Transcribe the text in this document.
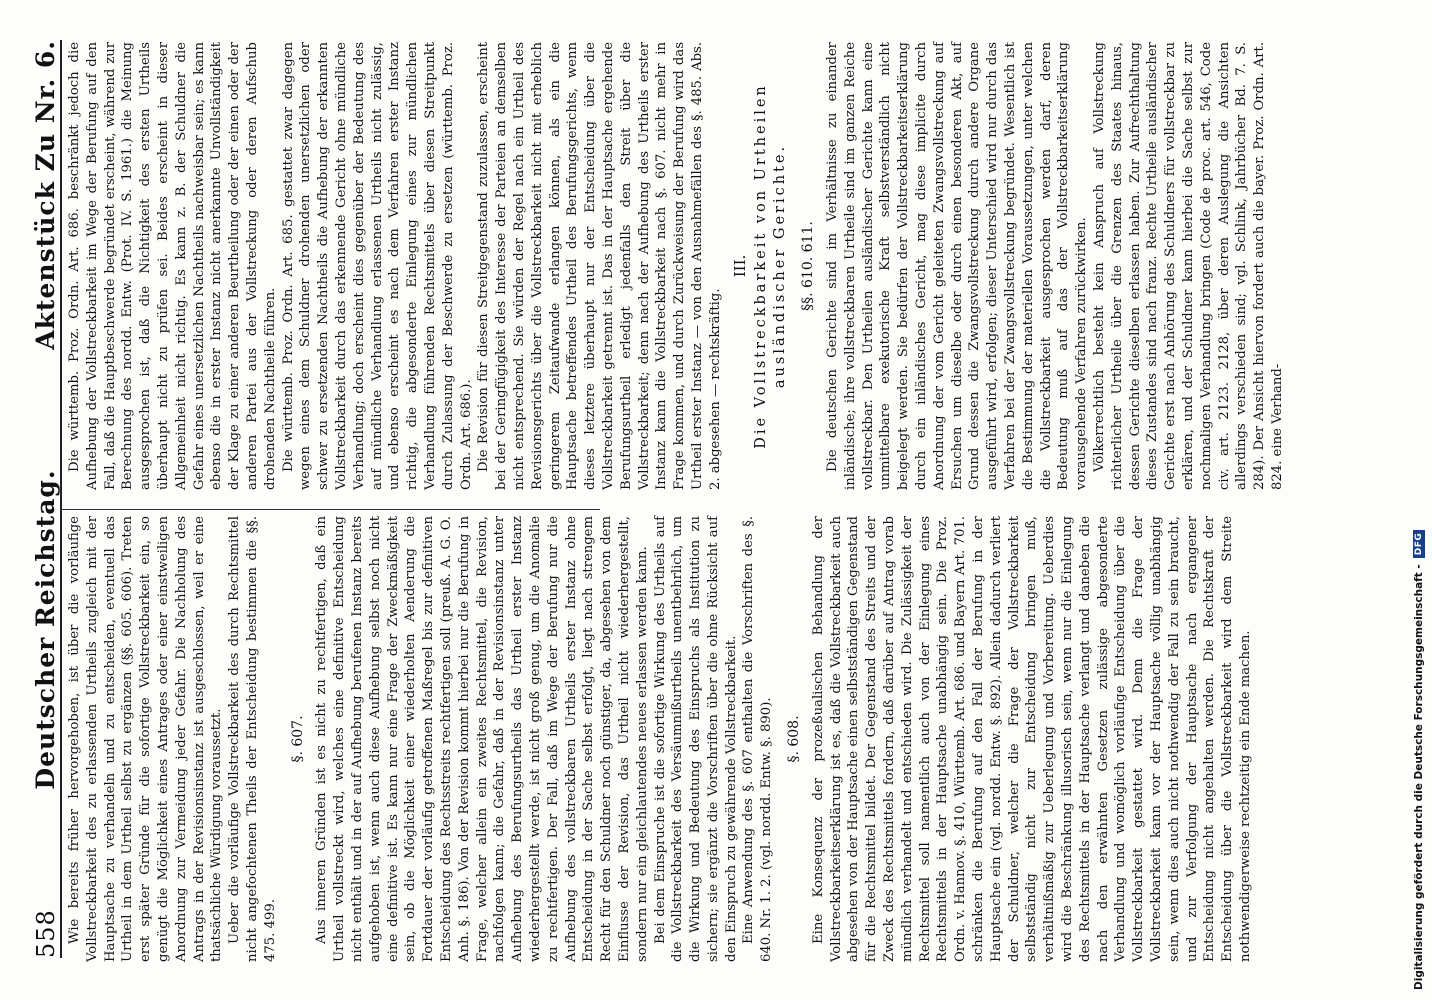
558
Deutscher Reichstag.
Aktenstück Zu Nr. 6.

Wie bereits früher hervorgehoben, ist über die vorläufige Vollstreckbarkeit des zu erlassenden Urtheils zugleich mit der Hauptsache zu verhandeln und zu entscheiden, eventuell das Urtheil in dem Urtheil selbst zu ergänzen (§§. 605. 606). Treten erst später Gründe für die sofortige Vollstreckbarkeit ein, so genügt die Möglichkeit eines Antrages oder einer einstweiligen Anordnung zur Vermeidung jeder Gefahr. Die Nachholung des Antrags in der Revisionsinstanz ist ausgeschlossen, weil er eine thatsächliche Würdigung voraussetzt. Ueber die vorläufige Vollstreckbarkeit des durch Rechtsmittel nicht angefochtenen Theils der Entscheidung bestimmen die §§. 475. 499.

§. 607. Aus inneren Gründen ist es nicht zu rechtfertigen, daß ein Urtheil vollstreckt wird, welches eine definitive Entscheidung nicht enthält und in der auf Aufhebung berufenen Instanz bereits aufgehoben ist, wenn auch diese Aufhebung selbst noch nicht eine definitive ist. Es kann nur eine Frage der Zweckmäßigkeit sein, ob die Möglichkeit einer wiederholten Aenderung die Fortdauer der vorläufig getroffenen Maßregel bis zur definitiven Entscheidung des Rechtsstreits rechtfertigen soll (preuß. A. G. O. Anh. §. 186). Von der Revision kommt hierbei nur die Berufung in Frage, welcher allein ein zweites Rechtsmittel, die Revision, nachfolgen kann; die Gefahr, daß in der Revisionsinstanz unter Aufhebung des Berufungsurtheils das Urtheil erster Instanz wiederhergestellt werde, ist nicht groß genug, um die Anomalie zu rechtfertigen. Der Fall, daß im Wege der Berufung nur die Aufhebung des vollstreckbaren Urtheils erster Instanz ohne Entscheidung in der Sache selbst erfolgt, liegt nach strengem Recht für den Schuldner noch günstiger, da, abgesehen von dem Einflusse der Revision, das Urtheil nicht wiederhergestellt, sondern nur ein gleichlautendes neues erlassen werden kann. Bei dem Einspruche ist die sofortige Wirkung des Urtheils auf die Vollstreckbarkeit des Versäumnißurtheils unentbehrlich, um die Wirkung und Bedeutung des Einspruchs als Institution zu sichern; sie ergänzt die Vorschriften über die ohne Rücksicht auf den Einspruch zu gewährende Vollstreckbarkeit. Eine Anwendung des §. 607 enthalten die Vorschriften des §. 640. Nr. 1. 2. (vgl. nordd. Entw. §. 890). §. 608. Eine Konsequenz der prozeßualischen Behandlung der Vollstreckbarkeitserklärung ist es, daß die Vollstreckbarkeit auch abgesehen von der Hauptsache einen selbstständigen Gegenstand für die Rechtsmittel bildet. Der Gegenstand des Streits und der Zweck des Rechtsmittels fordern, daß darüber auf Antrag vorab mündlich verhandelt und entschieden wird. Die Zulässigkeit der Rechtsmittel soll namentlich auch von der Einlegung eines Rechtsmittels in der Hauptsache unabhängig sein. Die Proz. Ordn. v. Hannov. §. 410, Württemb. Art. 686. und Bayern Art. 701. schränken die Berufung auf den Fall der Berufung in der Hauptsache ein (vgl. nordd. Entw. §. 892). Allein dadurch verliert der Schuldner, welcher die Frage der Vollstreckbarkeit selbstständig nicht zur Entscheidung bringen muß, verhältnißmäßig zur Ueberlegung und Vorbereitung. Ueberdies wird die Beschränkung illusorisch sein, wenn nur die Einlegung des Rechtsmittels in der Hauptsache verlangt und daneben die nach den erwähnten Gesetzen zulässige abgesonderte Verhandlung und womöglich vorläufige Entscheidung über die Vollstreckbarkeit gestattet wird. Denn die Frage der Vollstreckbarkeit kann vor der Hauptsache völlig unabhängig sein, wenn dies auch nicht nothwendig der Fall zu sein braucht, und zur Verfolgung der Hauptsache nach ergangener Entscheidung nicht angehalten werden. Die Rechtskraft der Entscheidung über die Vollstreckbarkeit wird dem Streite nothwendigerweise rechtzeitig ein Ende machen.

Die württemb. Proz. Ordn. Art. 686. beschränkt jedoch die Aufhebung der Vollstreckbarkeit im Wege der Berufung auf den Fall, daß die Hauptbeschwerde begründet erscheint, während zur Berechnung des nordd. Entw. (Prot. IV. S. 1961.) die Meinung ausgesprochen ist, daß die Nichtigkeit des ersten Urtheils überhaupt nicht zu prüfen sei. Beides erscheint in dieser Allgemeinheit nicht richtig. Es kann z. B. der Schuldner die Gefahr eines unersetzlichen Nachtheils nachweisbar sein; es kann ebenso die in erster Instanz nicht anerkannte Unvollständigkeit der Klage zu einer anderen Beurtheilung oder der einen oder der anderen Partei aus der Vollstreckung oder deren Aufschub drohenden Nachtheile führen. Die württemb. Proz. Ordn. Art. 685. gestattet zwar dagegen wegen eines dem Schuldner drohenden unersetzlichen oder schwer zu ersetzenden Nachtheils die Aufhebung der erkannten Vollstreckbarkeit durch das erkennende Gericht ohne mündliche Verhandlung; doch erscheint dies gegenüber der Bedeutung des auf mündliche Verhandlung erlassenen Urtheils nicht zulässig, und ebenso erscheint es nach dem Verfahren erster Instanz richtig, die abgesonderte Einlegung eines zur mündlichen Verhandlung führenden Rechtsmittels über diesen Streitpunkt durch Zulassung der Beschwerde zu ersetzen (württemb. Proz. Ordn. Art. 686.). Die Revision für diesen Streitgegenstand zuzulassen, erscheint bei der Geringfügigkeit des Interesse der Parteien an demselben nicht entsprechend. Sie würden der Regel nach ein Urtheil des Revisionsgerichts über die Vollstreckbarkeit nicht mit erheblich geringerem Zeitaufwande erlangen können, als ein die Hauptsache betreffendes Urtheil des Berufungsgerichts, wenn dieses letztere überhaupt nur der Entscheidung über die Vollstreckbarkeit getrennt ist. Das in der Hauptsache ergehende Berufungsurtheil erledigt jedenfalls den Streit über die Vollstreckbarkeit; denn nach der Aufhebung des Urtheils erster Instanz kann die Vollstreckbarkeit nach §. 607. nicht mehr in Frage kommen, und durch Zurückweisung der Berufung wird das Urtheil erster Instanz — von den Ausnahmefällen des §. 485. Abs. 2. abgesehen — rechtskräftig.

III. Die Vollstreckbarkeit von Urtheilen ausländischer Gerichte. §§. 610. 611. Die deutschen Gerichte sind im Verhältnisse zu einander inländische; ihre vollstreckbaren Urtheile sind im ganzen Reiche vollstreckbar. Den Urtheilen ausländischer Gerichte kann eine unmittelbare exekutorische Kraft selbstverständlich nicht beigelegt werden. Sie bedürfen der Vollstreckbarkeitserklärung durch ein inländisches Gericht, mag diese implicite durch Anordnung der vom Gericht geleiteten Zwangsvollstreckung auf Ersuchen um dieselbe oder durch einen besonderen Akt, auf Grund dessen die Zwangsvollstreckung durch andere Organe ausgeführt wird, erfolgen; dieser Unterschied wird nur durch das Verfahren bei der Zwangsvollstreckung begründet. Wesentlich ist die Bestimmung der materiellen Voraussetzungen, unter welchen die Vollstreckbarkeit ausgesprochen werden darf, deren Bedeutung muß auf das der Vollstreckbarkeitserklärung vorausgehende Verfahren zurückwirken. Völkerrechtlich besteht kein Anspruch auf Vollstreckung richterlicher Urtheile über die Grenzen des Staates hinaus, dessen Gerichte dieselben erlassen haben. Zur Aufrechthaltung dieses Zustandes sind nach franz. Rechte Urtheile ausländischer Gerichte erst nach Anhörung des Schuldners für vollstreckbar zu erklären, und der Schuldner kann hierbei die Sache selbst zur nochmaligen Verhandlung bringen (Code de proc. art. 546, Code civ. art. 2123. 2128, über deren Auslegung die Ansichten allerdings verschieden sind; vgl. Schlink, Jahrbücher Bd. 7. S. 284). Der Ansicht hiervon fordert auch die bayer. Proz. Ordn. Art. 824. eine Verhand-

Digitalisierung gefördert durch die Deutsche Forschungsgemeinschaft -
DFG
